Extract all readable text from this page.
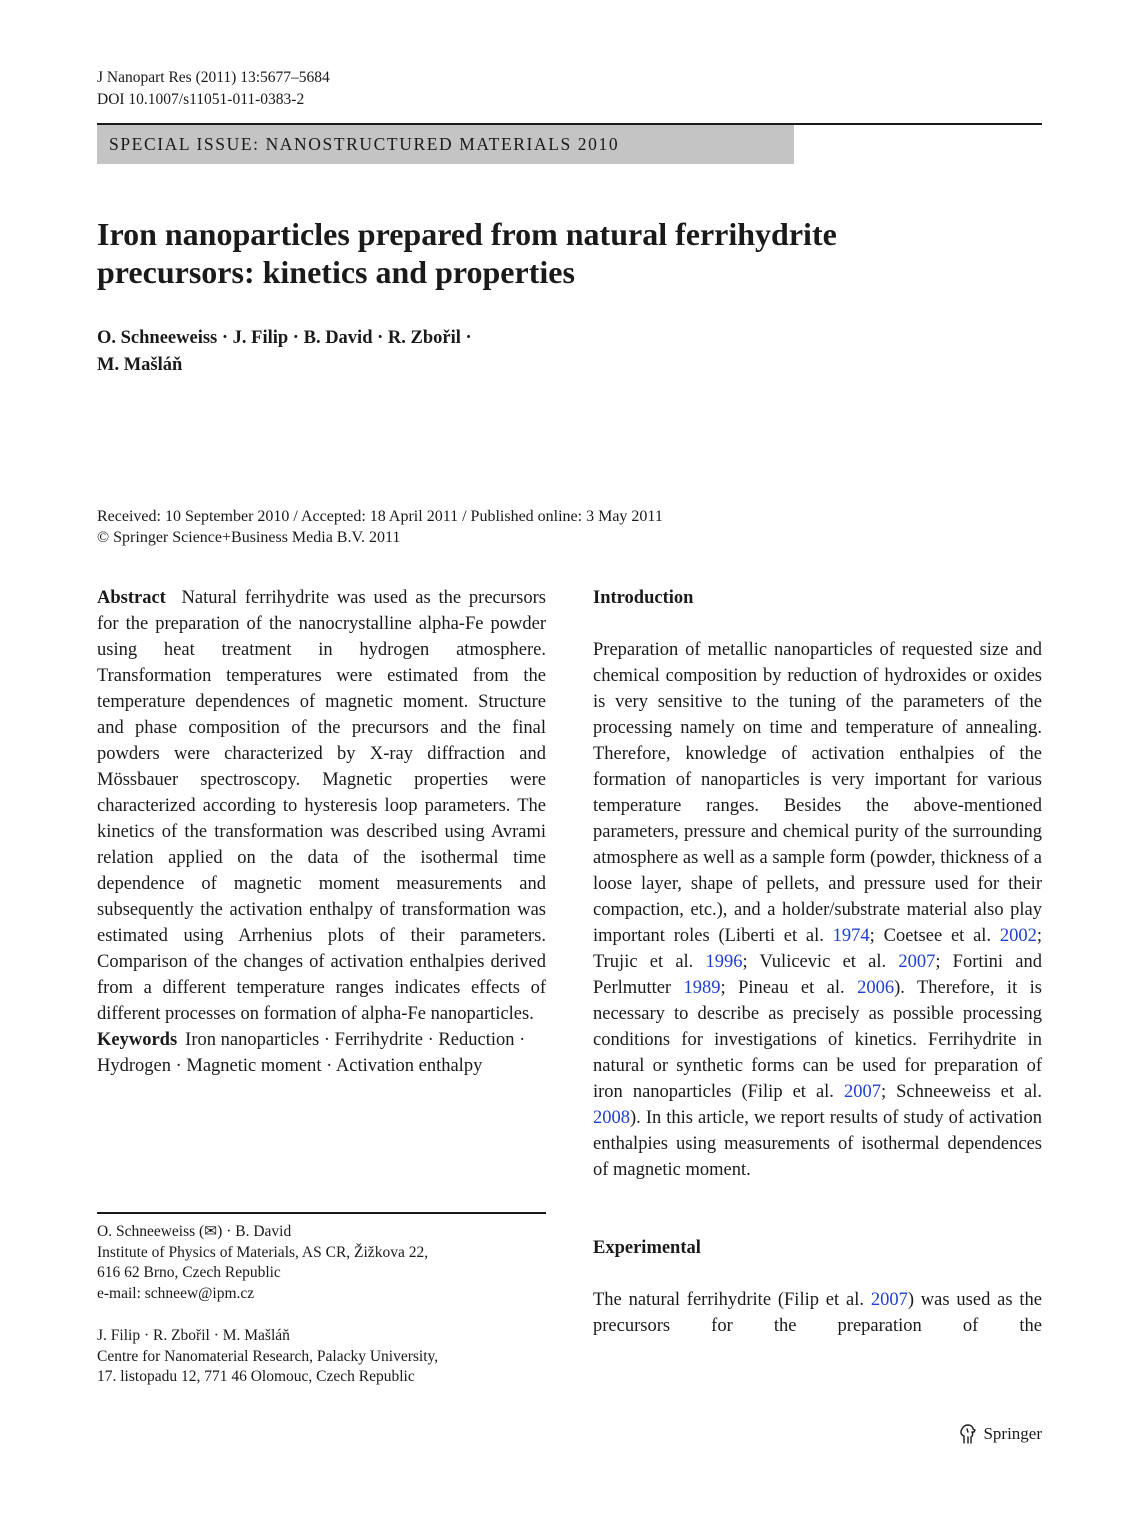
J Nanopart Res (2011) 13:5677–5684
DOI 10.1007/s11051-011-0383-2
SPECIAL ISSUE: NANOSTRUCTURED MATERIALS 2010
Iron nanoparticles prepared from natural ferrihydrite
precursors: kinetics and properties
O. Schneeweiss · J. Filip · B. David · R. Zbořil ·
M. Mašláň
Received: 10 September 2010 / Accepted: 18 April 2011 / Published online: 3 May 2011
© Springer Science+Business Media B.V. 2011

Abstract Natural ferrihydrite was used as the precursors for the preparation of the nanocrystalline alpha-Fe powder using heat treatment in hydrogen atmosphere. Transformation temperatures were estimated from the temperature dependences of magnetic moment. Structure and phase composition of the precursors and the final powders were characterized by X-ray diffraction and Mössbauer spectroscopy. Magnetic properties were characterized according to hysteresis loop parameters. The kinetics of the transformation was described using Avrami relation applied on the data of the isothermal time dependence of magnetic moment measurements and subsequently the activation enthalpy of transformation was estimated using Arrhenius plots of their parameters. Comparison of the changes of activation enthalpies derived from a different temperature ranges indicates effects of different processes on formation of alpha-Fe nanoparticles.

Keywords Iron nanoparticles · Ferrihydrite · Reduction · Hydrogen · Magnetic moment · Activation enthalpy

O. Schneeweiss (✉) · B. David
Institute of Physics of Materials, AS CR, Žižkova 22,
616 62 Brno, Czech Republic
e-mail: schneew@ipm.cz
J. Filip · R. Zbořil · M. Mašláň
Centre for Nanomaterial Research, Palacky University,
17. listopadu 12, 771 46 Olomouc, Czech Republic

Introduction

Preparation of metallic nanoparticles of requested size and chemical composition by reduction of hydroxides or oxides is very sensitive to the tuning of the parameters of the processing namely on time and temperature of annealing. Therefore, knowledge of activation enthalpies of the formation of nanoparticles is very important for various temperature ranges. Besides the above-mentioned parameters, pressure and chemical purity of the surrounding atmosphere as well as a sample form (powder, thickness of a loose layer, shape of pellets, and pressure used for their compaction, etc.), and a holder/substrate material also play important roles (Liberti et al. 1974; Coetsee et al. 2002; Trujic et al. 1996; Vulicevic et al. 2007; Fortini and Perlmutter 1989; Pineau et al. 2006). Therefore, it is necessary to describe as precisely as possible processing conditions for investigations of kinetics. Ferrihydrite in natural or synthetic forms can be used for preparation of iron nanoparticles (Filip et al. 2007; Schneeweiss et al. 2008). In this article, we report results of study of activation enthalpies using measurements of isothermal dependences of magnetic moment.

Experimental

The natural ferrihydrite (Filip et al. 2007) was used as the precursors for the preparation of the

Springer
